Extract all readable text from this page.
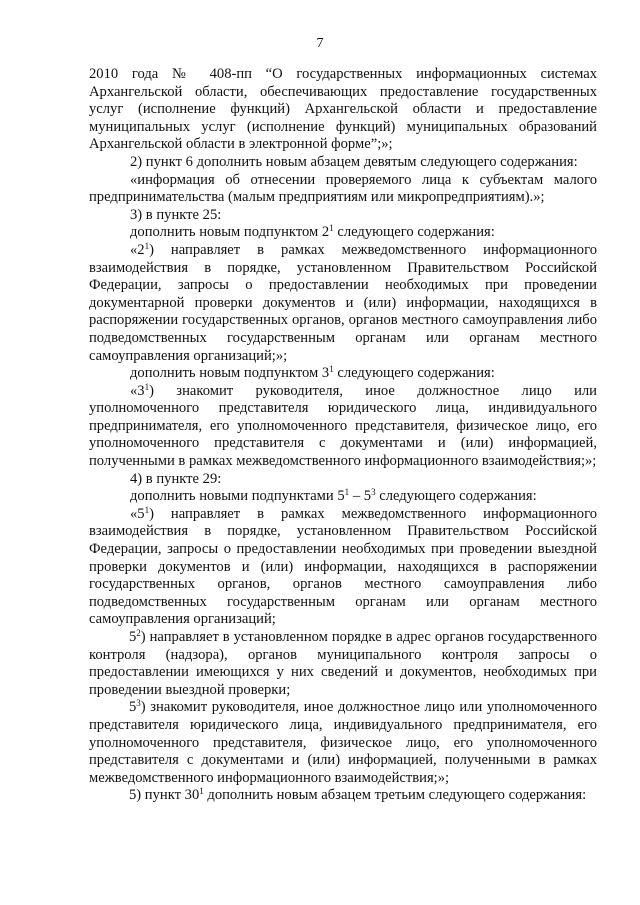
7

2010 года № 408-пп “О государственных информационных системах Архангельской области, обеспечивающих предоставление государственных услуг (исполнение функций) Архангельской области и предоставление муниципальных услуг (исполнение функций) муниципальных образований Архангельской области в электронной форме”;»;

2) пункт 6 дополнить новым абзацем девятым следующего содержания:

«информация об отнесении проверяемого лица к субъектам малого предпринимательства (малым предприятиям или микропредприятиям).»;

3) в пункте 25:

дополнить новым подпунктом $2^1$ следующего содержания:

«$2^1$) направляет в рамках межведомственного информационного взаимодействия в порядке, установленном Правительством Российской Федерации, запросы о предоставлении необходимых при проведении документарной проверки документов и (или) информации, находящихся в распоряжении государственных органов, органов местного самоуправления либо подведомственных государственным органам или органам местного самоуправления организаций;»;

дополнить новым подпунктом $3^1$ следующего содержания:

«$3^1$) знакомит руководителя, иное должностное лицо или уполномоченного представителя юридического лица, индивидуального предпринимателя, его уполномоченного представителя, физическое лицо, его уполномоченного представителя с документами и (или) информацией, полученными в рамках межведомственного информационного взаимодействия;»;

4) в пункте 29:

дополнить новыми подпунктами $5^1 - 5^3$ следующего содержания:

«$5^1$) направляет в рамках межведомственного информационного взаимодействия в порядке, установленном Правительством Российской Федерации, запросы о предоставлении необходимых при проведении выездной проверки документов и (или) информации, находящихся в распоряжении государственных органов, органов местного самоуправления либо подведомственных государственным органам или органам местного самоуправления организаций;

$5^2$) направляет в установленном порядке в адрес органов государственного контроля (надзора), органов муниципального контроля запросы о предоставлении имеющихся у них сведений и документов, необходимых при проведении выездной проверки;

$5^3$) знакомит руководителя, иное должностное лицо или уполномоченного представителя юридического лица, индивидуального предпринимателя, его уполномоченного представителя, физическое лицо, его уполномоченного представителя с документами и (или) информацией, полученными в рамках межведомственного информационного взаимодействия;»;

5) пункт $30^1$ дополнить новым абзацем третьим следующего содержания:
